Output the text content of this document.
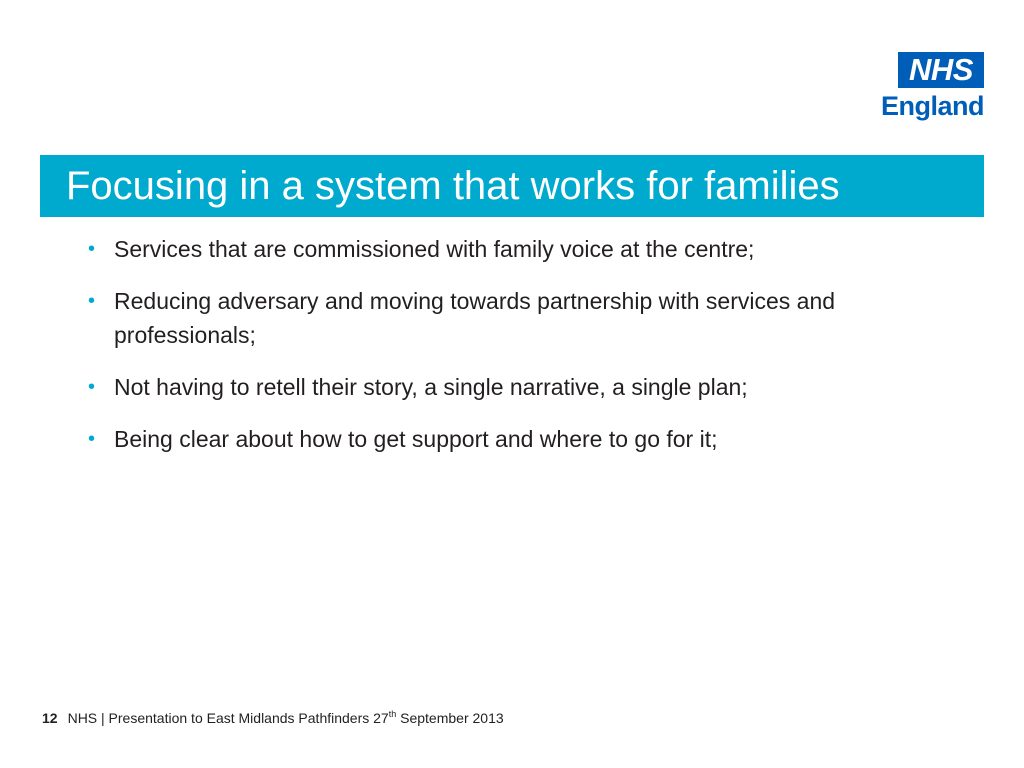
NHS
England
Focusing in a system that works for families
• Services that are commissioned with family voice at the centre;
• Reducing adversary and moving towards partnership with services and professionals;
• Not having to retell their story, a single narrative, a single plan;
• Being clear about how to get support and where to go for it;
12 NHS | Presentation to East Midlands Pathfinders 27th September 2013
